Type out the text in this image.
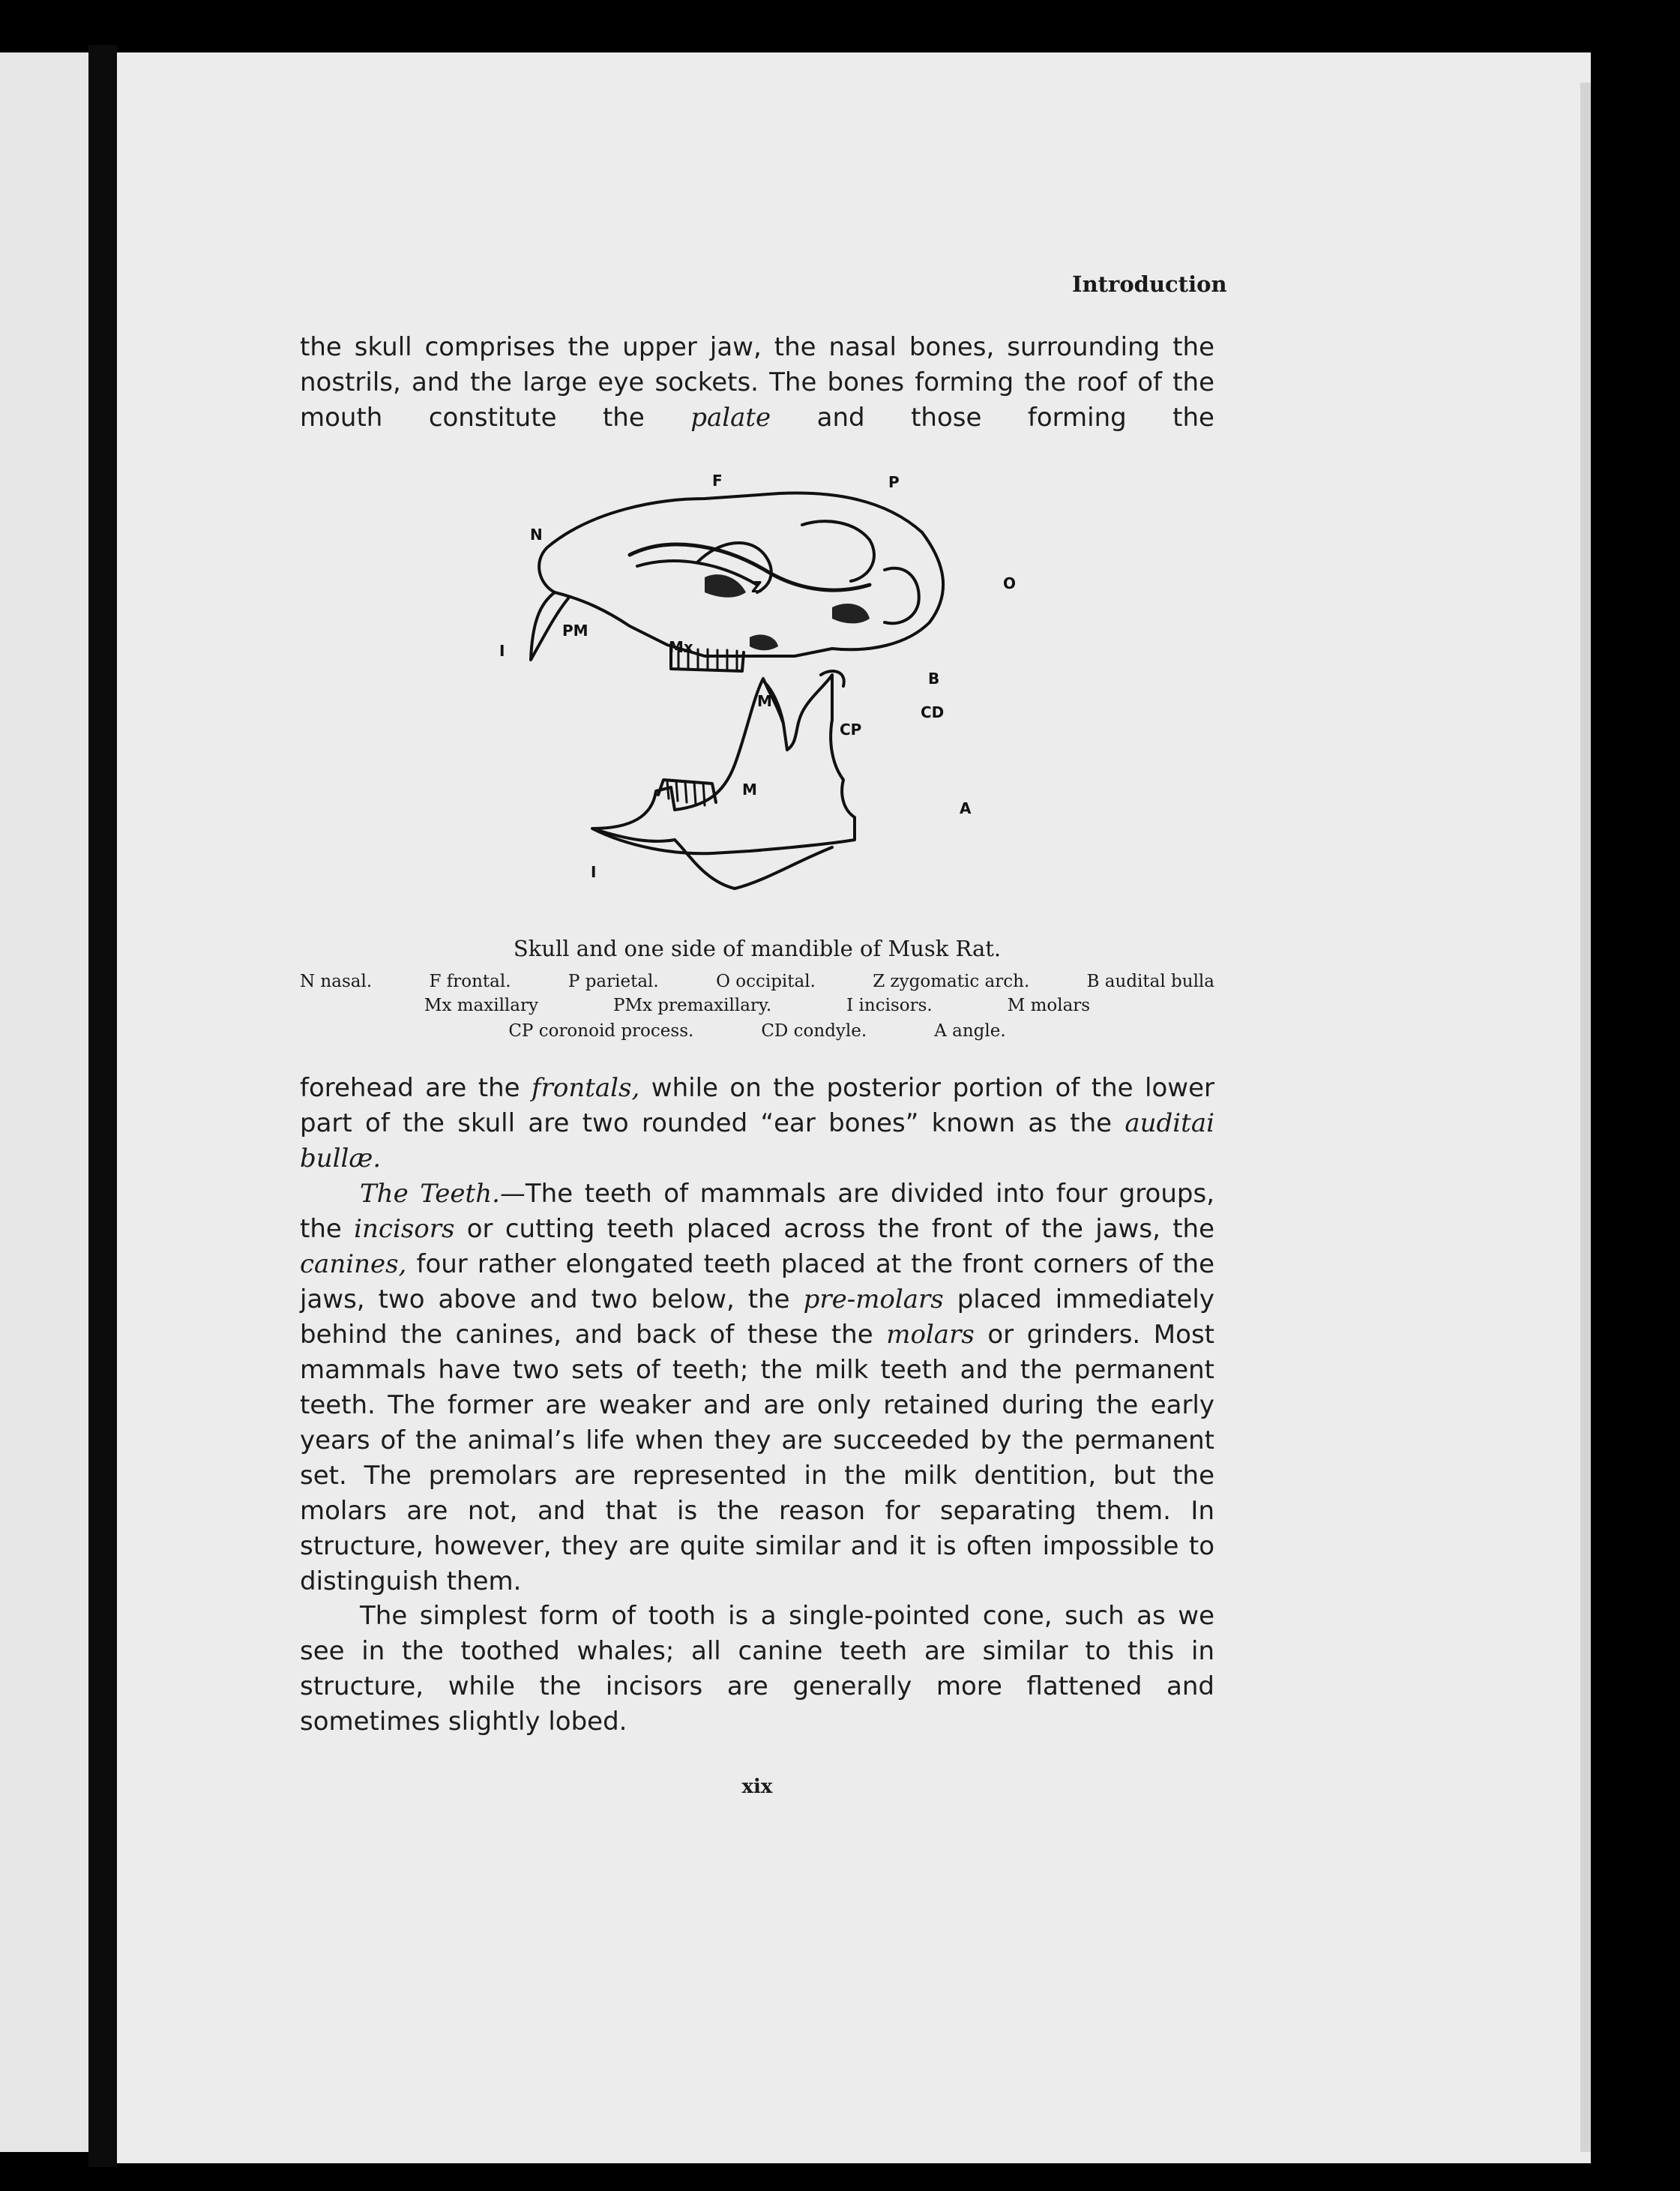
Introduction

the skull comprises the upper jaw, the nasal bones, surrounding the nostrils, and the large eye sockets. The bones forming the roof of the mouth constitute the palate and those forming the

F	P
N
O
Z
PM
I	Mx
B
M
CP
CD
M
A
I
Skull and one side of mandible of Musk Rat.
N nasal.	F frontal.	P parietal.	O occipital.	Z zygomatic arch.	B audital bulla
Mx maxillary	PMx premaxillary.	I incisors.	M molars
CP coronoid process.	CD condyle.	A angle.

forehead are the frontals, while on the posterior portion of the lower part of the skull are two rounded “ear bones” known as the auditai bullæ.

The Teeth.—The teeth of mammals are divided into four groups, the incisors or cutting teeth placed across the front of the jaws, the canines, four rather elongated teeth placed at the front corners of the jaws, two above and two below, the pre-molars placed immediately behind the canines, and back of these the molars or grinders. Most mammals have two sets of teeth; the milk teeth and the permanent teeth. The former are weaker and are only retained during the early years of the animal’s life when they are succeeded by the permanent set. The premolars are represented in the milk dentition, but the molars are not, and that is the reason for separating them. In structure, however, they are quite similar and it is often impossible to distinguish them.

The simplest form of tooth is a single-pointed cone, such as we see in the toothed whales; all canine teeth are similar to this in structure, while the incisors are generally more flattened and sometimes slightly lobed.

xix
